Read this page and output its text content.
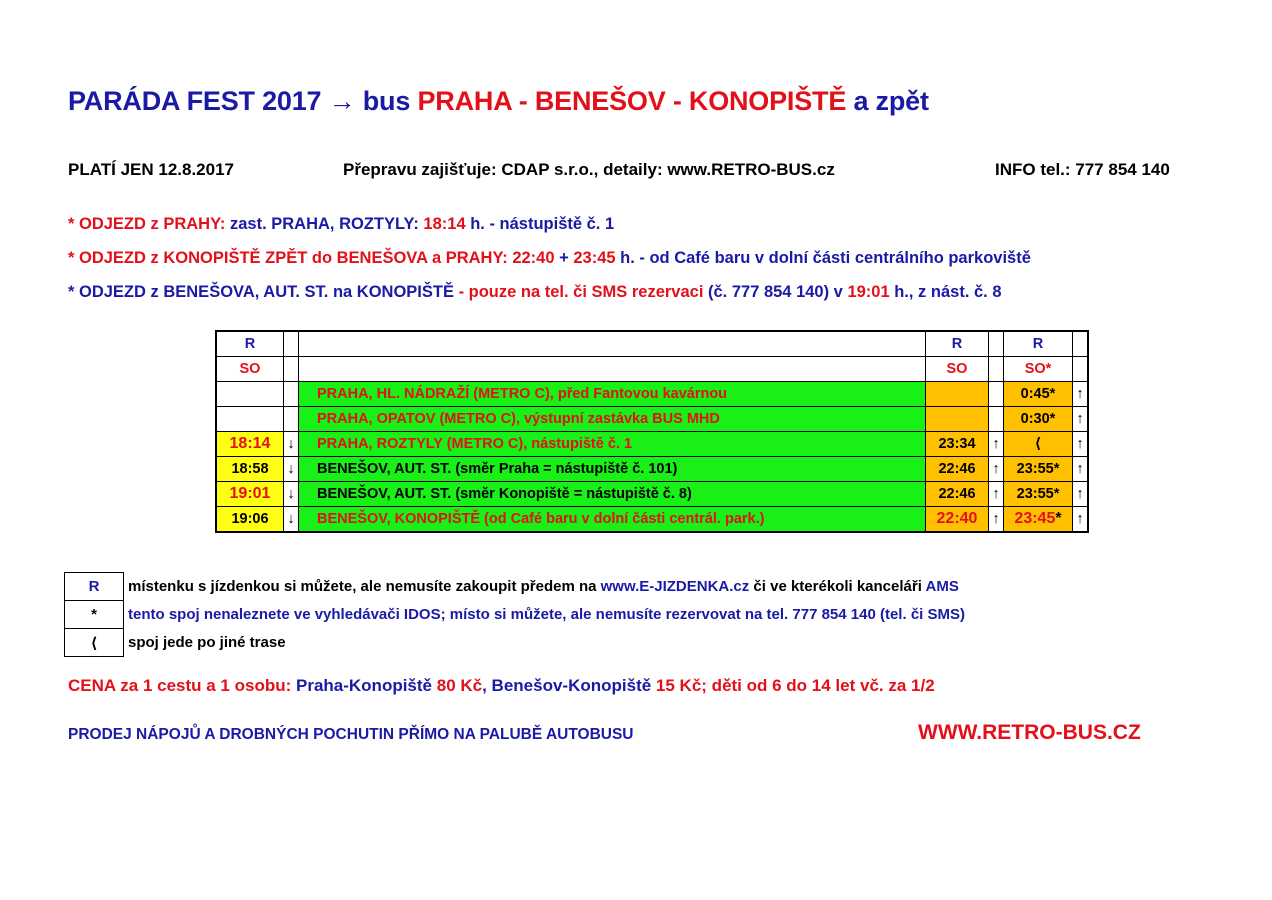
PARÁDA FEST 2017 → bus PRAHA - BENEŠOV - KONOPIŠTĚ a zpět
PLATÍ JEN 12.8.2017	Přepravu zajišťuje: CDAP s.r.o., detaily: www.RETRO-BUS.cz	INFO tel.: 777 854 140
* ODJEZD z PRAHY: zast. PRAHA, ROZTYLY: 18:14 h. - nástupiště č. 1
* ODJEZD z KONOPIŠTĚ ZPĚT do BENEŠOVA a PRAHY: 22:40 + 23:45 h. - od Café baru v dolní části centrálního parkoviště
* ODJEZD z BENEŠOVA, AUT. ST. na KONOPIŠTĚ - pouze na tel. či SMS rezervaci (č. 777 854 140) v 19:01 h., z nást. č. 8
R			R		R	
SO			SO		SO*	
		PRAHA, HL. NÁDRAŽÍ (METRO C), před Fantovou kavárnou			0:45*	↑
		PRAHA, OPATOV (METRO C), výstupní zastávka BUS MHD			0:30*	↑
18:14	↓	PRAHA, ROZTYLY (METRO C), nástupiště č. 1	23:34	↑	⟨	↑
18:58	↓	BENEŠOV, AUT. ST. (směr Praha = nástupiště č. 101)	22:46	↑	23:55*	↑
19:01	↓	BENEŠOV, AUT. ST. (směr Konopiště = nástupiště č. 8)	22:46	↑	23:55*	↑
19:06	↓	BENEŠOV, KONOPIŠTĚ (od Café baru v dolní části centrál. park.)	22:40	↑	23:45*	↑
R	místenku s jízdenkou si můžete, ale nemusíte zakoupit předem na www.E-JIZDENKA.cz či ve kterékoli kanceláři AMS
*	tento spoj nenaleznete ve vyhledávači IDOS; místo si můžete, ale nemusíte rezervovat na tel. 777 854 140 (tel. či SMS)
⟨	spoj jede po jiné trase
CENA za 1 cestu a 1 osobu: Praha-Konopiště 80 Kč, Benešov-Konopiště 15 Kč; děti od 6 do 14 let vč. za 1/2
PRODEJ NÁPOJŮ A DROBNÝCH POCHUTIN PŘÍMO NA PALUBĚ AUTOBUSU	WWW.RETRO-BUS.CZ
